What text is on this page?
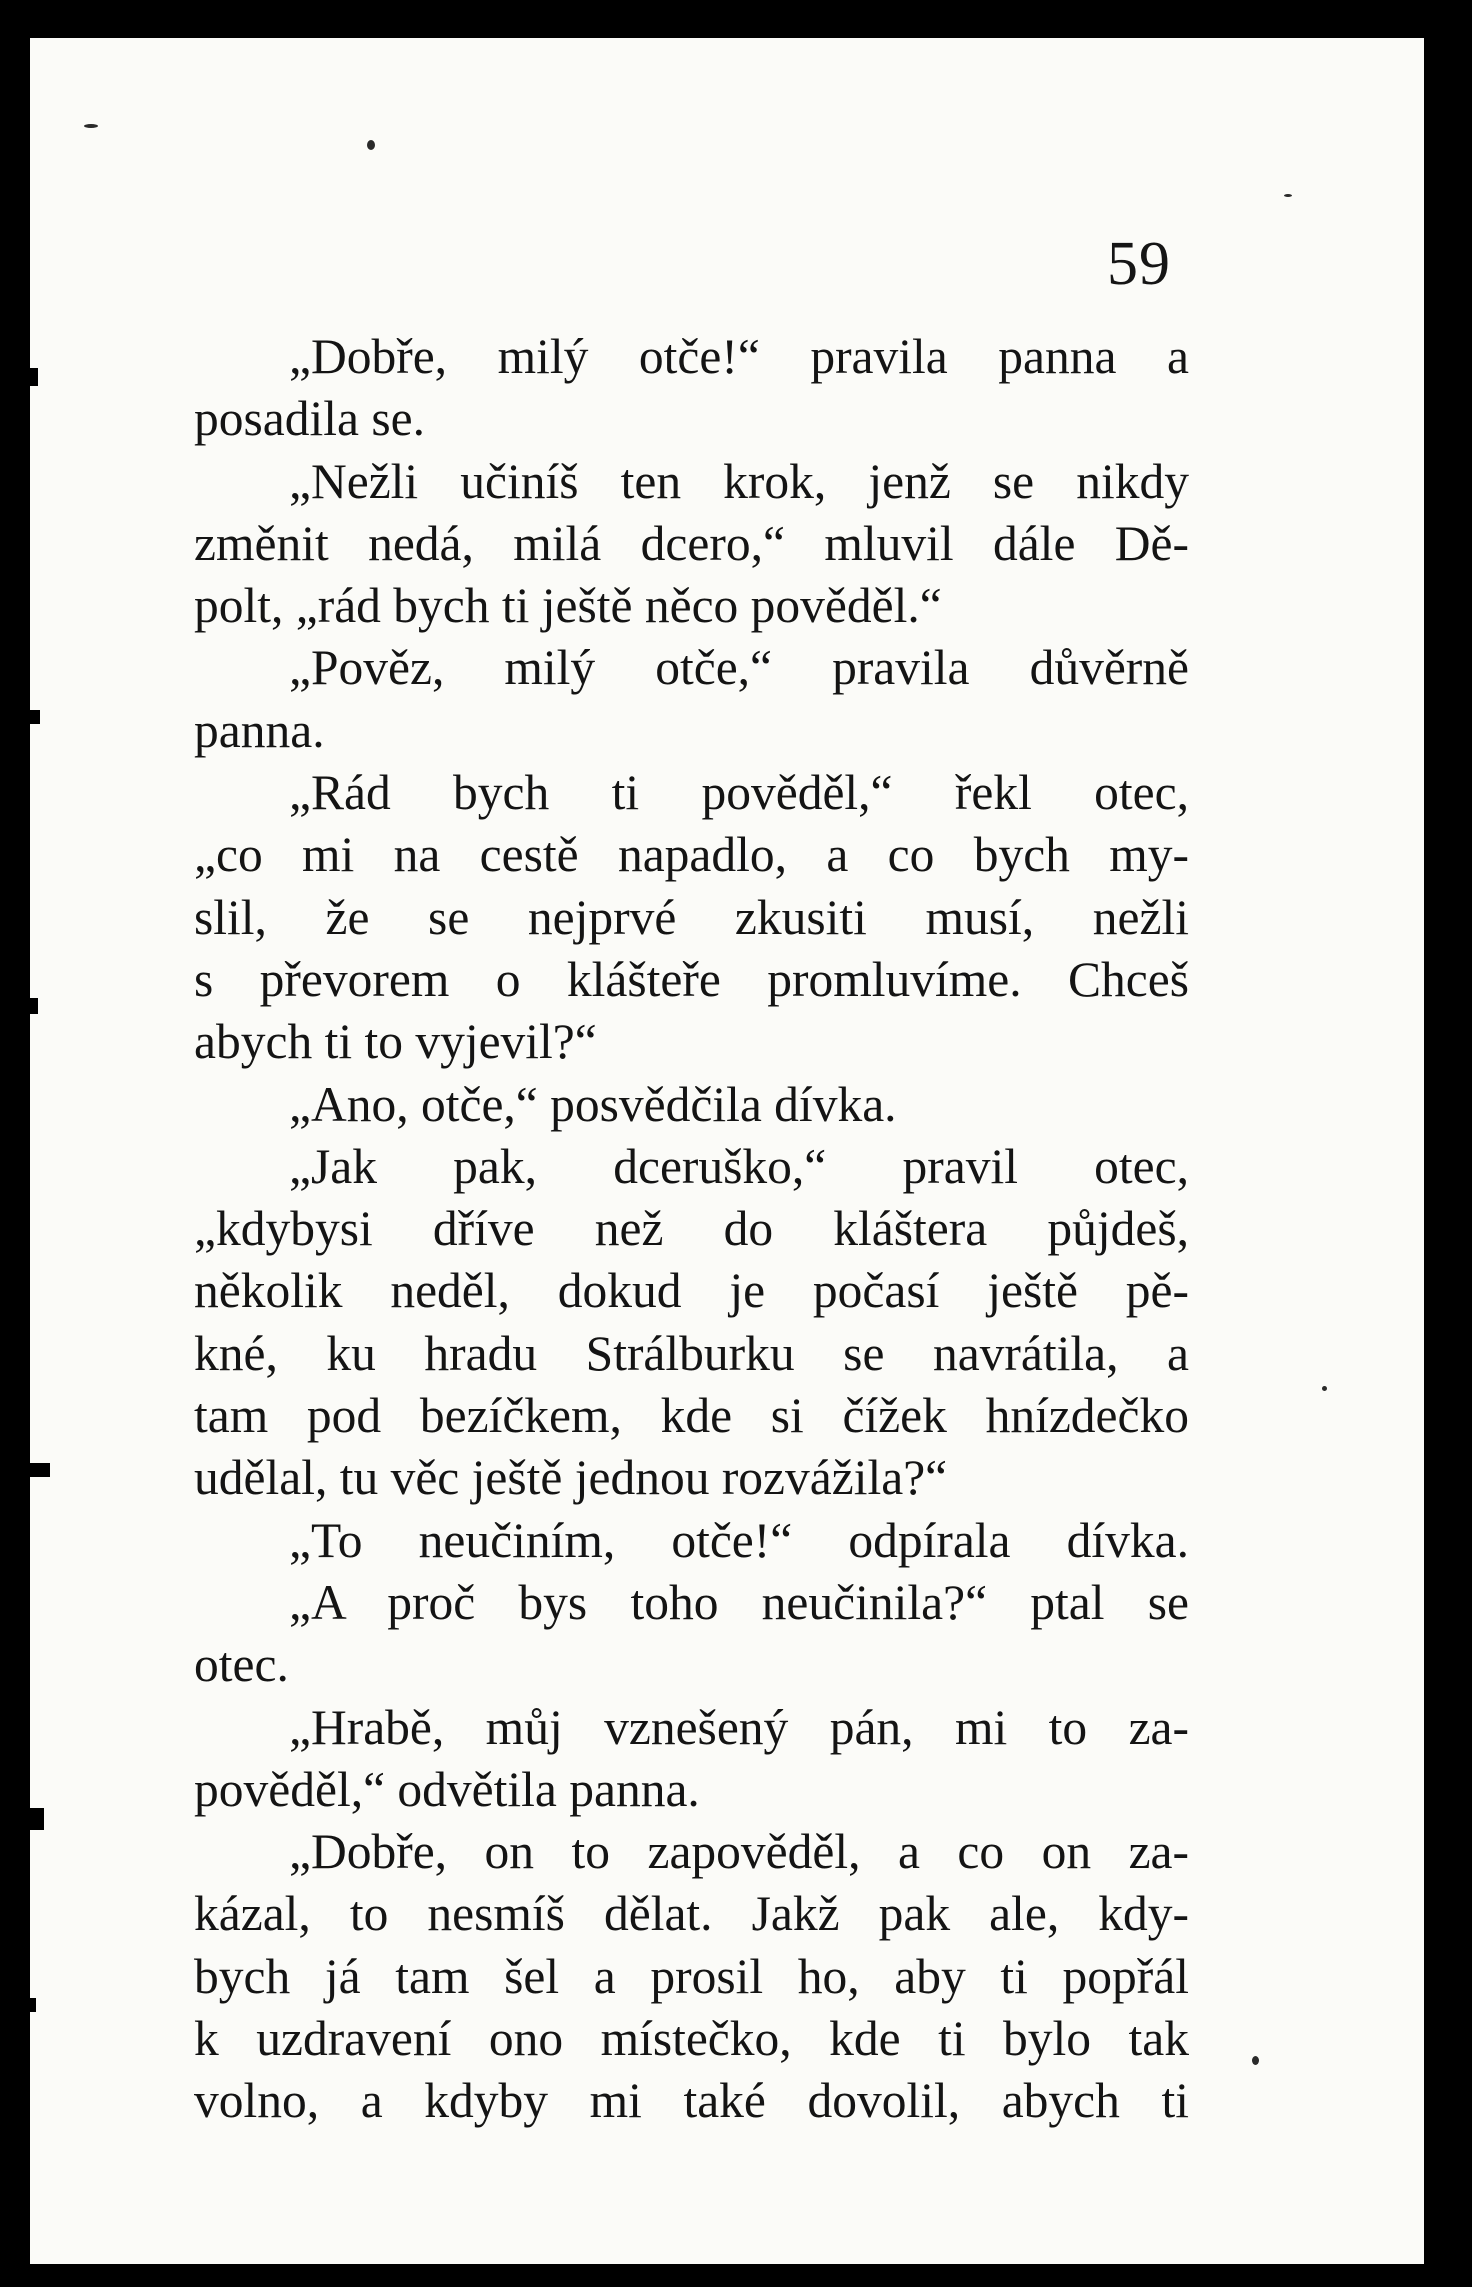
59
„Dobře, milý otče!“ pravila panna a
posadila se.
„Nežli učiníš ten krok, jenž se nikdy
změnit nedá, milá dcero,“ mluvil dále Dě-
polt, „rád bych ti ještě něco pověděl.“
„Pověz, milý otče,“ pravila důvěrně
panna.
„Rád bych ti pověděl,“ řekl otec,
„co mi na cestě napadlo, a co bych my-
slil, že se nejprvé zkusiti musí, nežli
s převorem o klášteře promluvíme. Chceš
abych ti to vyjevil?“
„Ano, otče,“ posvědčila dívka.
„Jak pak, dceruško,“ pravil otec,
„kdybysi dříve než do kláštera půjdeš,
několik neděl, dokud je počasí ještě pě-
kné, ku hradu Strálburku se navrátila, a
tam pod bezíčkem, kde si čížek hnízdečko
udělal, tu věc ještě jednou rozvážila?“
„To neučiním, otče!“ odpírala dívka.
„A proč bys toho neučinila?“ ptal se
otec.
„Hrabě, můj vznešený pán, mi to za-
pověděl,“ odvětila panna.
„Dobře, on to zapověděl, a co on za-
kázal, to nesmíš dělat. Jakž pak ale, kdy-
bych já tam šel a prosil ho, aby ti popřál
k uzdravení ono místečko, kde ti bylo tak
volno, a kdyby mi také dovolil, abych ti
